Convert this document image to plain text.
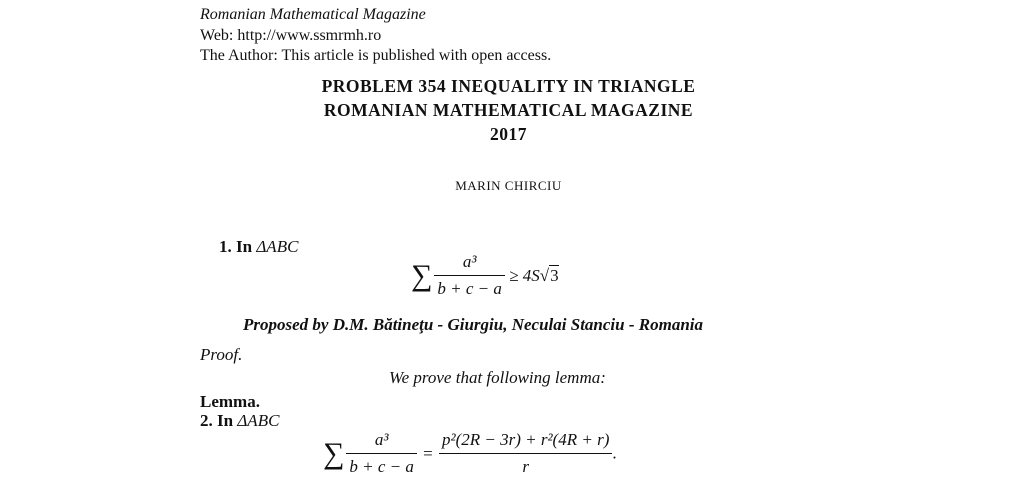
Romanian Mathematical Magazine
Web: http://www.ssmrmh.ro
The Author: This article is published with open access.
PROBLEM 354 INEQUALITY IN TRIANGLE
ROMANIAN MATHEMATICAL MAGAZINE
2017
MARIN CHIRCIU
1. In ΔABC
∑ $\frac{\text{a³}}{b + c - a} \ge 4S√3$
Proposed by D.M. Bătineţu - Giurgiu, Neculai Stanciu - Romania
Proof.
We prove that following lemma:
Lemma.
2. In ΔABC
∑ $\frac{\text{a³}}{b + c - a} = \frac{\text{p²(2R − 3r) + r²(4R + r)}}{r}$ .
